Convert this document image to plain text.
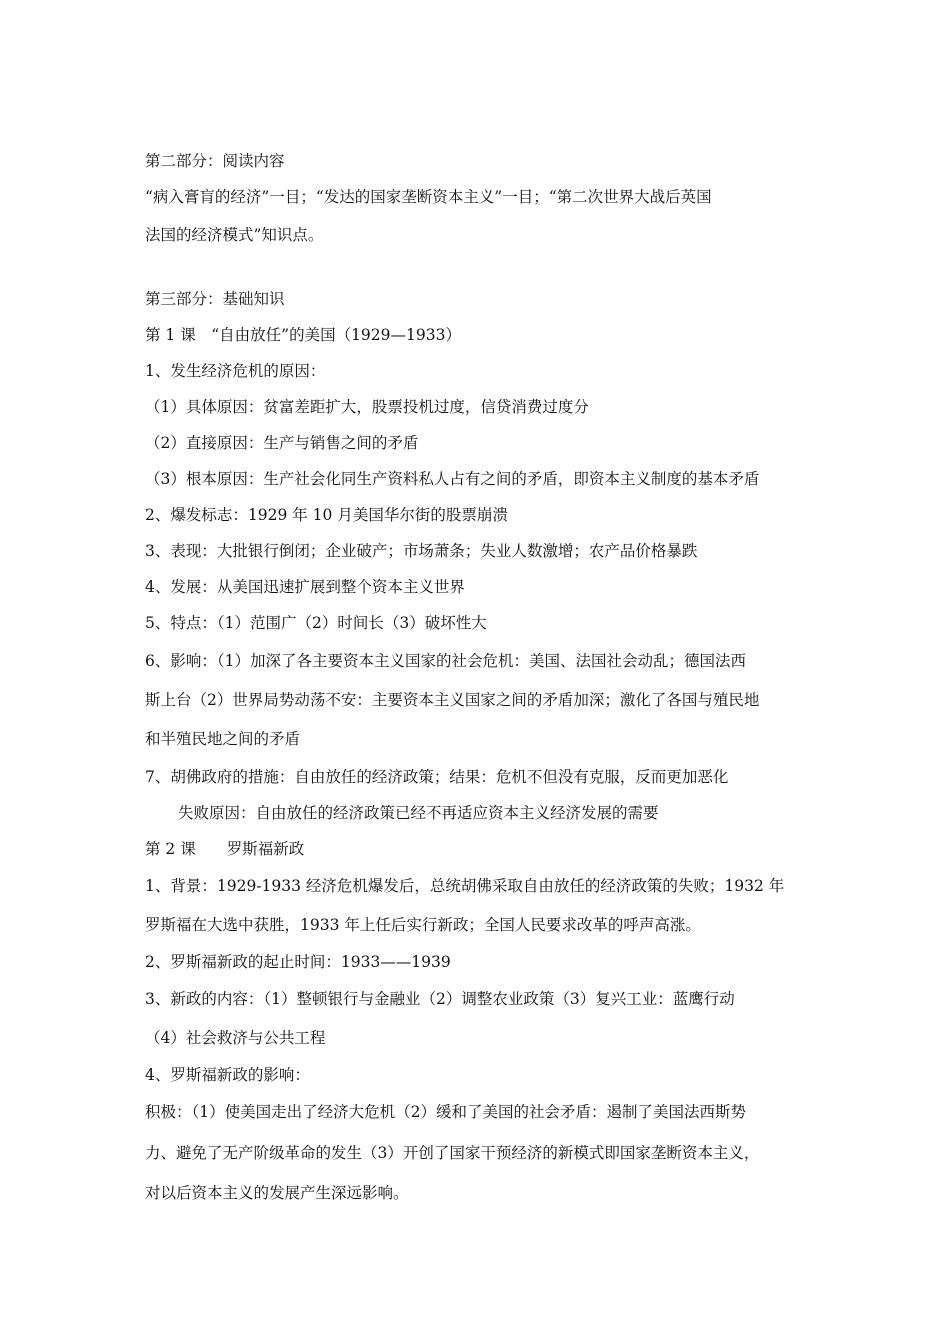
第二部分：阅读内容
“病入膏肓的经济”一目；“发达的国家垄断资本主义”一目；“第二次世界大战后英国
法国的经济模式”知识点。
第三部分：基础知识
第 1 课　“自由放任”的美国（1929—1933）
1、发生经济危机的原因：
（1）具体原因：贫富差距扩大，股票投机过度，信贷消费过度分
（2）直接原因：生产与销售之间的矛盾
（3）根本原因：生产社会化同生产资料私人占有之间的矛盾，即资本主义制度的基本矛盾
2、爆发标志：1929 年 10 月美国华尔街的股票崩溃
3、表现：大批银行倒闭；企业破产；市场萧条；失业人数激增；农产品价格暴跌
4、发展：从美国迅速扩展到整个资本主义世界
5、特点：（1）范围广（2）时间长（3）破坏性大
6、影响：（1）加深了各主要资本主义国家的社会危机：美国、法国社会动乱；德国法西
斯上台（2）世界局势动荡不安：主要资本主义国家之间的矛盾加深；激化了各国与殖民地
和半殖民地之间的矛盾
7、胡佛政府的措施：自由放任的经济政策；结果：危机不但没有克服，反而更加恶化
失败原因：自由放任的经济政策已经不再适应资本主义经济发展的需要
第 2 课　　罗斯福新政
1、背景：1929-1933 经济危机爆发后，总统胡佛采取自由放任的经济政策的失败；1932 年
罗斯福在大选中获胜，1933 年上任后实行新政；全国人民要求改革的呼声高涨。
2、罗斯福新政的起止时间：1933——1939
3、新政的内容：（1）整顿银行与金融业（2）调整农业政策（3）复兴工业：蓝鹰行动
（4）社会救济与公共工程
4、罗斯福新政的影响：
积极：（1）使美国走出了经济大危机（2）缓和了美国的社会矛盾：遏制了美国法西斯势
力、避免了无产阶级革命的发生（3）开创了国家干预经济的新模式即国家垄断资本主义，
对以后资本主义的发展产生深远影响。
